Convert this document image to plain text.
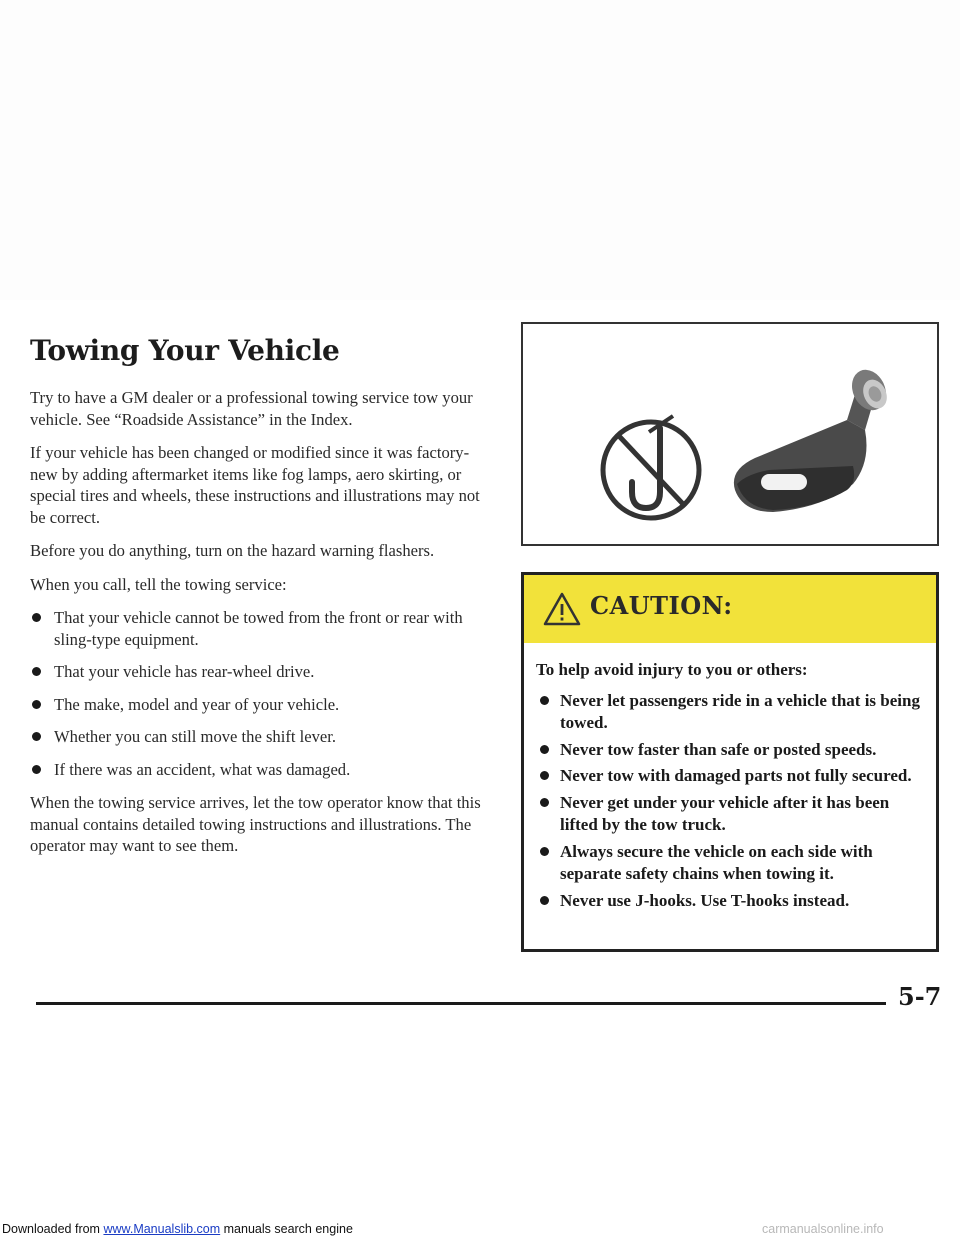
Towing Your Vehicle

Try to have a GM dealer or a professional towing service tow your vehicle. See “Roadside Assistance” in the Index.

If your vehicle has been changed or modified since it was factory-new by adding aftermarket items like fog lamps, aero skirting, or special tires and wheels, these instructions and illustrations may not be correct.

Before you do anything, turn on the hazard warning flashers.

When you call, tell the towing service:

That your vehicle cannot be towed from the front or rear with sling-type equipment.
That your vehicle has rear-wheel drive.
The make, model and year of your vehicle.
Whether you can still move the shift lever.
If there was an accident, what was damaged.

When the towing service arrives, let the tow operator know that this manual contains detailed towing instructions and illustrations. The operator may want to see them.

CAUTION:

To help avoid injury to you or others:

Never let passengers ride in a vehicle that is being towed.
Never tow faster than safe or posted speeds.
Never tow with damaged parts not fully secured.
Never get under your vehicle after it has been lifted by the tow truck.
Always secure the vehicle on each side with separate safety chains when towing it.
Never use J-hooks. Use T-hooks instead.
5-7
Downloaded from www.Manualslib.com manuals search engine	carmanualsonline.info
